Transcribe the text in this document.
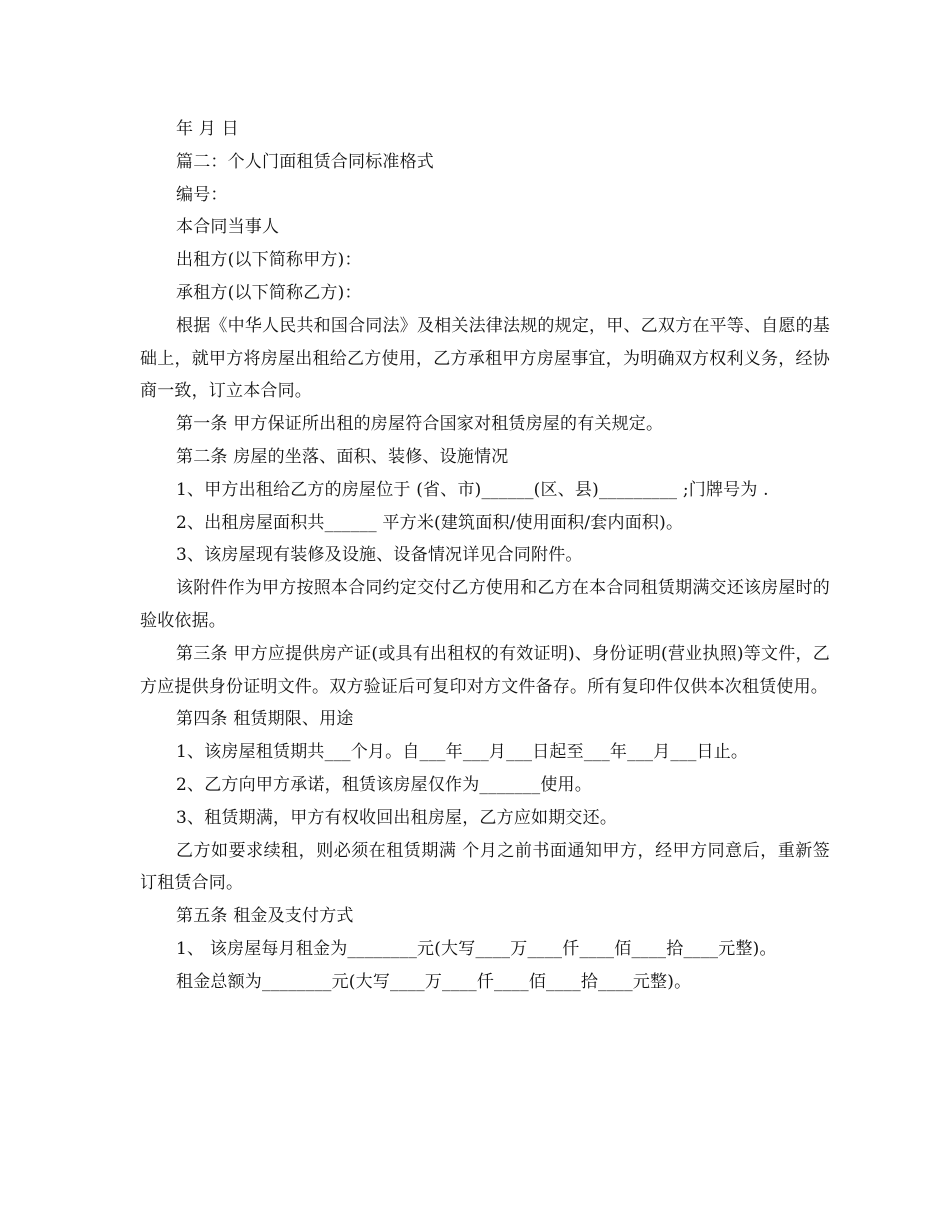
年 月 日

篇二：个人门面租赁合同标准格式

编号：

本合同当事人

出租方(以下简称甲方)：

承租方(以下简称乙方)：

根据《中华人民共和国合同法》及相关法律法规的规定，甲、乙双方在平等、自愿的基础上，就甲方将房屋出租给乙方使用，乙方承租甲方房屋事宜，为明确双方权利义务，经协商一致，订立本合同。

第一条 甲方保证所出租的房屋符合国家对租赁房屋的有关规定。

第二条 房屋的坐落、面积、装修、设施情况

1、甲方出租给乙方的房屋位于 (省、市)______(区、县)_________ ;门牌号为 .

2、出租房屋面积共______ 平方米(建筑面积/使用面积/套内面积)。

3、该房屋现有装修及设施、设备情况详见合同附件。

该附件作为甲方按照本合同约定交付乙方使用和乙方在本合同租赁期满交还该房屋时的验收依据。

第三条 甲方应提供房产证(或具有出租权的有效证明)、身份证明(营业执照)等文件，乙方应提供身份证明文件。双方验证后可复印对方文件备存。所有复印件仅供本次租赁使用。

第四条 租赁期限、用途

1、该房屋租赁期共___个月。自___年___月___日起至___年___月___日止。

2、乙方向甲方承诺，租赁该房屋仅作为_______使用。

3、租赁期满，甲方有权收回出租房屋，乙方应如期交还。

乙方如要求续租，则必须在租赁期满 个月之前书面通知甲方，经甲方同意后，重新签订租赁合同。

第五条 租金及支付方式

1、 该房屋每月租金为________元(大写____万____仟____佰____拾____元整)。

租金总额为________元(大写____万____仟____佰____拾____元整)。
